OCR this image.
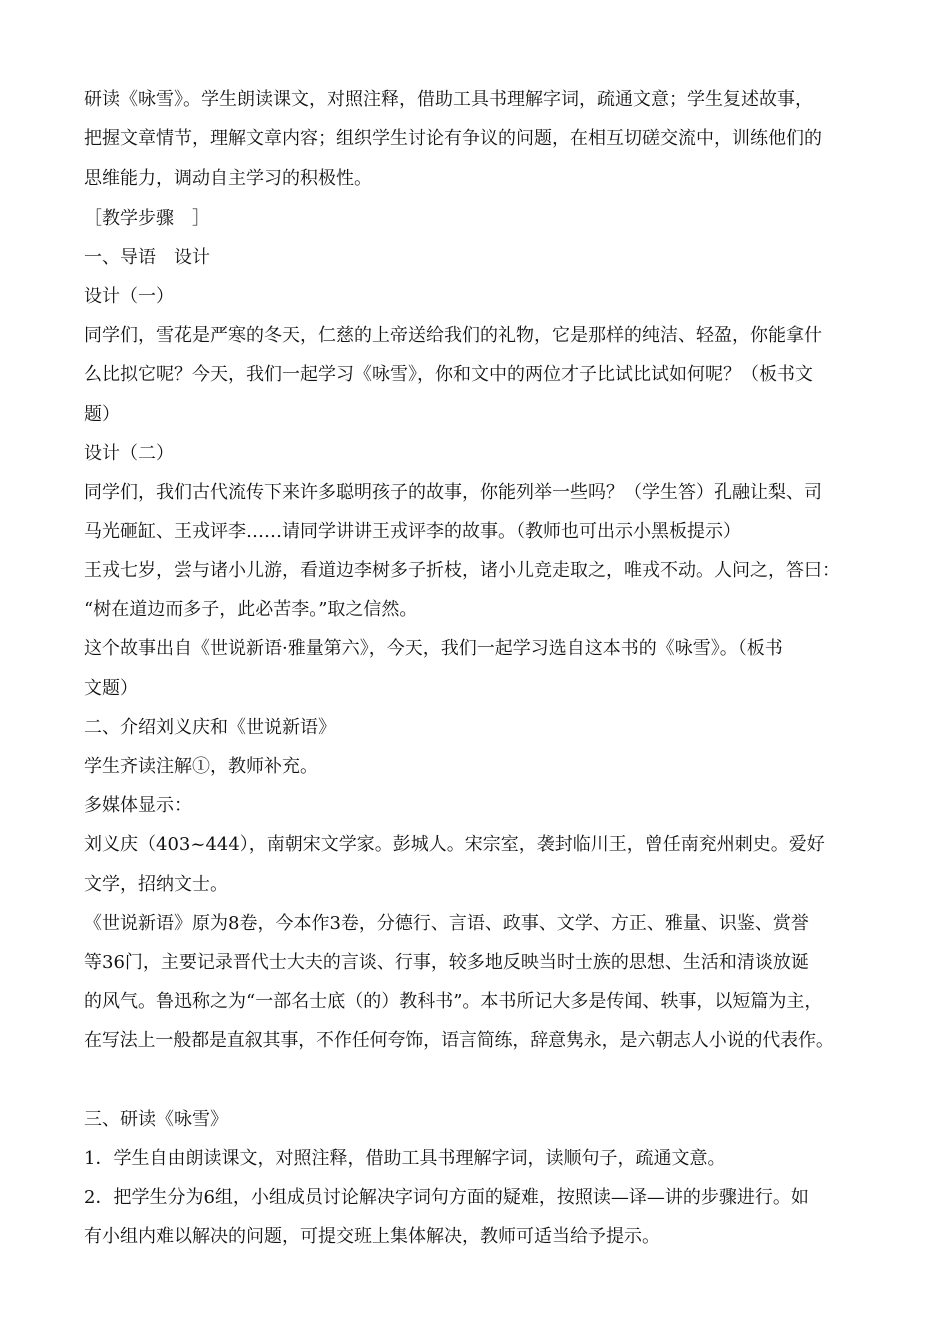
研读《咏雪》。学生朗读课文，对照注释，借助工具书理解字词，疏通文意；学生复述故事，
把握文章情节，理解文章内容；组织学生讨论有争议的问题，在相互切磋交流中，训练他们的
思维能力，调动自主学习的积极性。
［教学步骤　］
一、导语　设计
设计（一）
同学们，雪花是严寒的冬天，仁慈的上帝送给我们的礼物，它是那样的纯洁、轻盈，你能拿什
么比拟它呢？今天，我们一起学习《咏雪》，你和文中的两位才子比试比试如何呢？（板书文
题）
设计（二）
同学们，我们古代流传下来许多聪明孩子的故事，你能列举一些吗？（学生答）孔融让梨、司
马光砸缸、王戎评李……请同学讲讲王戎评李的故事。（教师也可出示小黑板提示）
王戎七岁，尝与诸小儿游，看道边李树多子折枝，诸小儿竞走取之，唯戎不动。人问之，答曰：
“树在道边而多子，此必苦李。”取之信然。
这个故事出自《世说新语·雅量第六》，今天，我们一起学习选自这本书的《咏雪》。（板书
文题）
二、介绍刘义庆和《世说新语》
学生齐读注解①，教师补充。
多媒体显示：
刘义庆（403~444），南朝宋文学家。彭城人。宋宗室，袭封临川王，曾任南兖州刺史。爱好
文学，招纳文士。
《世说新语》原为8卷，今本作3卷，分德行、言语、政事、文学、方正、雅量、识鉴、赏誉
等36门，主要记录晋代士大夫的言谈、行事，较多地反映当时士族的思想、生活和清谈放诞
的风气。鲁迅称之为“一部名士底（的）教科书”。本书所记大多是传闻、轶事，以短篇为主，
在写法上一般都是直叙其事，不作任何夸饰，语言简练，辞意隽永，是六朝志人小说的代表作。
三、研读《咏雪》
1．学生自由朗读课文，对照注释，借助工具书理解字词，读顺句子，疏通文意。
2．把学生分为6组，小组成员讨论解决字词句方面的疑难，按照读—译—讲的步骤进行。如
有小组内难以解决的问题，可提交班上集体解决，教师可适当给予提示。
